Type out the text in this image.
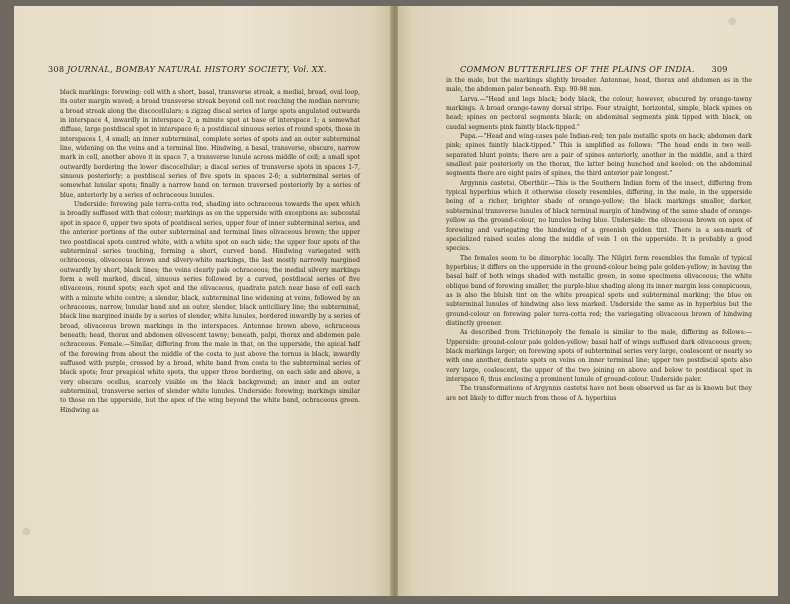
308 JOURNAL, BOMBAY NATURAL HISTORY SOCIETY, Vol. XX.

black markings: forewing: cell with a short, basal, transverse streak, a medial, broad, oval loop, its outer margin waved; a broad transverse streak beyond cell not reaching the median nervure; a broad streak along the discocellulars; a zigzag discal series of large spots angulated outwards in interspace 4, inwardly in interspace 2, a minute spot at base of interspace 1; a somewhat diffuse, large postdiscal spot in interspace 6; a postdiscal sinuous series of round spots, those in interspaces 1, 4 small; an inner subterminal, complete series of spots and an outer subterminal line, widening on the veins and a terminal line. Hindwing, a basal, transverse, obscure, narrow mark in cell, another above it in space 7, a transverse lunule across middle of cell; a small spot outwardly bordering the lower discocellular; a discal series of transverse spots in spaces 1-7, sinuous posteriorly; a postdiscal series of five spots in spaces 2-6; a subterminal series of somewhat lunular spots; finally a narrow band on termen traversed posteriorly by a series of blue, anteriorly by a series of ochraceous lunules.

Underside: forewing pale terra-cotta red, shading into ochraceous towards the apex which is broadly suffused with that colour; markings as on the upperside with exceptions as: subcostal spot in space 6, upper two spots of postdiscal series, upper four of inner subterminal series, and the anterior portions of the outer subterminal and terminal lines olivaceous brown; the upper two postdiscal spots centred white, with a white spot on each side; the upper four spots of the subterminal series touching, forming a short, curved band. Hindwing variegated with ochraceous, olivaceous brown and silvery-white markings, the last mostly narrowly margined outwardly by short, black lines; the veins clearly pale ochraceous; the medial silvery markings form a well marked, discal, sinuous series followed by a curved, postdiscal series of five olivaceous, round spots; each spot and the olivaceous, quadrate patch near base of cell each with a minute white centre; a slender, black, subterminal line widening at veins, followed by an ochraceous, narrow, lunular band and an outer, slender, black anticiliary line; the subterminal, black line margined inside by a series of slender, white lunules, bordered inwardly by a series of broad, olivaceous brown markings in the interspaces. Antennae brown above, ochraceous beneath; head, thorax and abdomen olivescent tawny; beneath, palpi, thorax and abdomen pale ochraceous. Female.—Similar, differing from the male in that, on the upperside, the apical half of the forewing from about the middle of the costa to just above the tornus is black, inwardly suffused with purple, crossed by a broad, white band from costa to the subterminal series of black spots; four preapical white spots, the upper three bordering, on each side and above, a very obscure ocellus, scarcely visible on the black background; an inner and an outer subterminal, transverse series of slender white lunules. Underside: forewing; markings similar to those on the upperside, but the apex of the wing beyond the white band, ochraceous green. Hindwing as

●
COMMON BUTTERFLIES OF THE PLAINS OF INDIA. 309

in the male, but the markings slightly broader. Antennae, head, thorax and abdomen as in the male, the abdomen paler beneath. Exp. 90-98 mm.

Larva.—"Head and legs black; body black, the colour, however, obscured by orange-tawny markings. A broad orange-tawny dorsal stripe. Four straight, horizontal, simple, black spines on head; spines on pectoral segments black; on abdominal segments pink tipped with black, on caudal segments pink faintly black-tipped."

Pupa.—"Head and wing-cases pale Indian-red; ten pale metallic spots on back; abdomen dark pink; spines faintly black-tipped." This is amplified as follows: "The head ends in two well-separated blunt points; there are a pair of spines anteriorly, another in the middle, and a third smallest pair posteriorly on the thorax, the latter being hunched and keeled: on the abdominal segments there are eight pairs of spines, the third anterior pair longest."

Argynnis castetsi, Oberthür.—This is the Southern Indian form of the insect, differing from typical hyperbius which it otherwise closely resembles, differing, in the male, in the upperside being of a richer, brighter shade of orange-yellow; the black markings smaller, darker, subterminal transverse lunules of black terminal margin of hindwing of the same shade of orange-yellow as the ground-colour, no lunules being blue. Underside: the olivaceous brown on apex of forewing and variegating the hindwing of a greenish golden tint. There is a sex-mark of specialized raised scales along the middle of vein 1 on the upperside. It is probably a good species.

The females seem to be dimorphic locally. The Nilgiri form resembles the female of typical hyperbius; it differs on the upperside in the ground-colour being pale golden-yellow; in having the basal half of both wings shaded with metallic green, in some specimens olivaceous; the white oblique band of forewing smaller, the purple-blue shading along its inner margin less conspicuous, as is also the bluish tint on the white preapical spots and subterminal marking; the blue on subterminal lunules of hindwing also less marked. Underside the same as in hyperbius but the ground-colour on forewing paler terra-cotta red; the variegating olivaceous brown of hindwing distinctly greener.

As described from Trichinopoly the female is similar to the male, differing as follows:—Upperside: ground-colour pale golden-yellow; basal half of wings suffused dark olivaceous green; black markings larger; on forewing spots of subterminal series very large, coalescent or nearly so with one another, dentate spots on veins on inner terminal line; upper two postdiscal spots also very large, coalescent, the upper of the two joining on above and below to postdiscal spot in interspace 6, thus enclosing a prominent lunule of ground-colour. Underside paler.

The transformations of Argynnis castetsi have not been observed as far as is known but they are not likely to differ much from those of A. hyperbius

●
